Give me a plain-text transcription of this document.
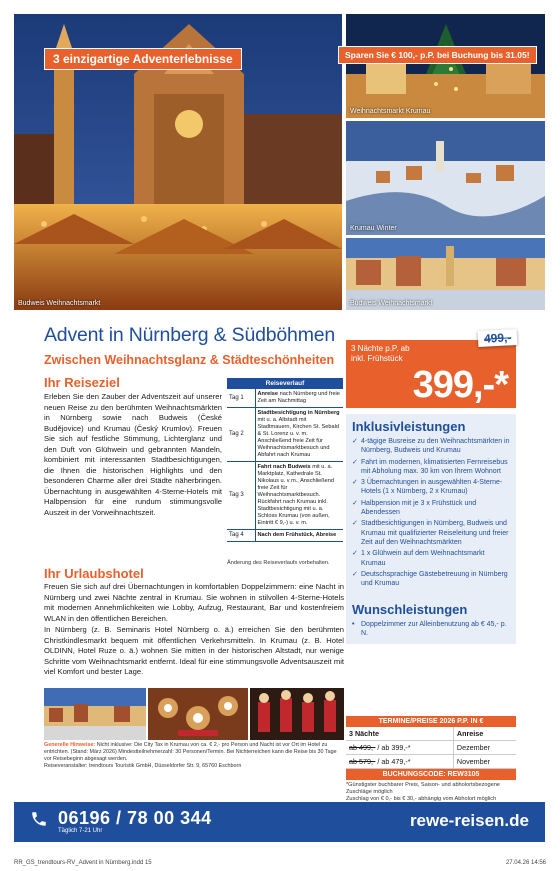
Budweis Weihnachtsmarkt
Weihnachtsmarkt Krumau
Krumau Winter
Budweis Weihnachtsmarkt
3 einzigartige Adventerlebnisse	Sparen Sie € 100,- p.P. bei Buchung bis 31.05!
Advent in Nürnberg & Südböhmen
Zwischen Weihnachtsglanz & Städteschönheiten
Ihr Reiseziel

Erleben Sie den Zauber der Adventszeit auf unserer neuen Reise zu den berühmten Weihnachtsmärkten in Nürnberg sowie nach Budweis (České Budějovice) und Krumau (Český Krumlov). Freuen Sie sich auf festliche Stimmung, Lichterglanz und den Duft von Glühwein und gebrannten Mandeln, kombiniert mit interessanten Stadtbesichtigungen, die Ihnen die historischen Highlights und den besonderen Charme aller drei Städte näherbringen. Übernachtung in ausgewählten 4-Sterne-Hotels mit Halbpension für eine rundum stimmungsvolle Auszeit in der Vorweihnachtszeit.

Reiseverlauf	
Tag 1	Anreise nach Nürnberg und freie Zeit am Nachmittag
Tag 2	Stadtbesichtigung in Nürnberg mit u. a. Altstadt mit Stadtmauern, Kirchen St. Sebald & St. Lorenz u. v. m. Anschließend freie Zeit für Weihnachtsmarktbesuch und Abfahrt nach Krumau
Tag 3	Fahrt nach Budweis mit u. a. Marktplatz, Kathedrale St. Nikolaus u. v m., Anschließend freie Zeit für Weihnachtsmarktbesuch. Rückfahrt nach Krumau inkl. Stadtbesichtigung mit u. a. Schloss Krumau (von außen, Eintritt € 9,-) u. v. m.
Tag 4	Nach dem Frühstück, Abreise
Änderung des Reiseverlaufs vorbehalten.
Ihr Urlaubshotel

Freuen Sie sich auf drei Übernachtungen in komfortablen Doppelzimmern: eine Nacht in Nürnberg und zwei Nächte zentral in Krumau. Sie wohnen in stilvollen 4-Sterne-Hotels mit modernen Annehmlichkeiten wie Lobby, Aufzug, Restaurant, Bar und kostenfreiem WLAN in den öffentlichen Bereichen.

In Nürnberg (z. B. Seminaris Hotel Nürnberg o. ä.) erreichen Sie den berühmten Christkindlesmarkt bequem mit öffentlichen Verkehrsmitteln. In Krumau (z. B. Hotel OLDINN, Hotel Ruze o. ä.) wohnen Sie mitten in der historischen Altstadt, nur wenige Schritte vom Weihnachtsmarkt entfernt. Ideal für eine stimmungsvolle Adventsauszeit mit viel Komfort und bester Lage.

3 Nächte p.P. ab
inkl. Frühstück
399,-*
499,-
Inklusivleistungen
✓ 4-tägige Busreise zu den Weihnachtsmärkten in Nürnberg, Budweis und Krumau
✓ Fahrt im modernen, klimatisierten Fernreisebus mit Abholung max. 30 km von Ihrem Wohnort
✓ 3 Übernachtungen in ausgewählten 4-Sterne-Hotels (1 x Nürnberg, 2 x Krumau)
✓ Halbpension mit je 3 x Frühstück und Abendessen
✓ Stadtbesichtigungen in Nürnberg, Budweis und Krumau mit qualifizierter Reiseleitung und freier Zeit auf den Weihnachtsmärkten
✓ 1 x Glühwein auf dem Weihnachtsmarkt Krumau
✓ Deutschsprachige Gästebetreuung in Nürnberg und Krumau
Wunschleistungen
• Doppelzimmer zur Alleinbenutzung ab € 45,- p. N.
Generelle Hinweise: Nicht inklusive: Die City Tax in Krumau von ca. € 2,- pro Person und Nacht ist vor Ort im Hotel zu entrichten. (Stand: März 2026) Mindestteilnehmerzahl: 30 Personen/Termin. Bei Nichterreichen kann die Reise bis 30 Tage vor Reisebeginn abgesagt werden.
Reiseveranstalter: trendtours Touristik GmbH, Düsseldorfer Str. 9, 65760 Eschborn
TERMINE/PREISE 2026 P.P. IN €
3 Nächte	Anreise
ab 499,- / ab 399,-*	Dezember
ab 579,- / ab 479,-*	November
BUCHUNGSCODE: REW3105
*Günstigster buchbarer Preis, Saison- und abholortsbezogene Zuschläge möglich
Zuschlag von € 0,- bis € 30,- abhängig vom Abholort möglich
06196 / 78 00 344
Täglich 7-21 Uhr
rewe-reisen.de
RR_GS_trendtours-RV_Advent in Nürnberg.indd 15	27.04.26 14:56
